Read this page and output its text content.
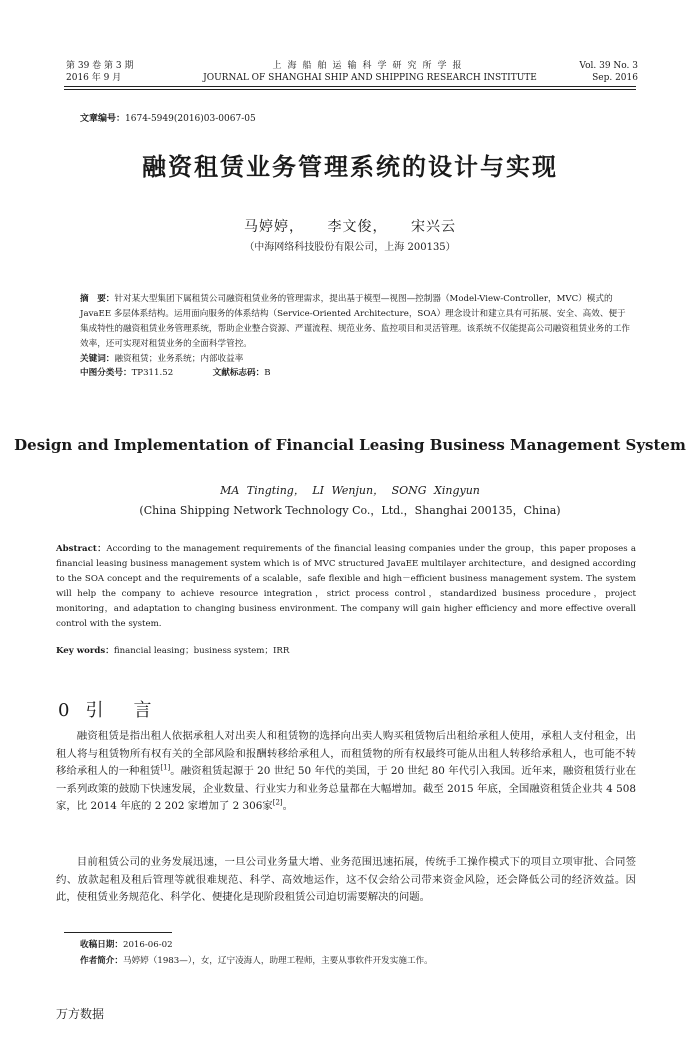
第 39 卷 第 3 期
2016 年 9 月
上海船舶运输科学研究所学报
JOURNAL OF SHANGHAI SHIP AND SHIPPING RESEARCH INSTITUTE
Vol. 39 No. 3
Sep. 2016
文章编号：1674-5949(2016)03-0067-05
融资租赁业务管理系统的设计与实现
马婷婷， 李文俊， 宋兴云
（中海网络科技股份有限公司，上海 200135）
摘　要：针对某大型集团下属租赁公司融资租赁业务的管理需求，提出基于模型—视图—控制器（Model-View-Controller，MVC）模式的 JavaEE 多层体系结构。运用面向服务的体系结构（Service-Oriented Architecture，SOA）理念设计和建立具有可拓展、安全、高效、便于集成特性的融资租赁业务管理系统，帮助企业整合资源、严谨流程、规范业务、监控项目和灵活管理。该系统不仅能提高公司融资租赁业务的工作效率，还可实现对租赁业务的全面科学管控。
关键词：融资租赁；业务系统；内部收益率
中图分类号：TP311.52	文献标志码：B
Design and Implementation of Financial Leasing Business Management System
MA Tingting， LI Wenjun， SONG Xingyun
(China Shipping Network Technology Co.，Ltd.，Shanghai 200135，China)
Abstract：According to the management requirements of the financial leasing companies under the group，this paper proposes a financial leasing business management system which is of MVC structured JavaEE multilayer architecture，and designed according to the SOA concept and the requirements of a scalable，safe flexible and high－efficient business management system. The system will help the company to achieve resource integration，strict process control，standardized business procedure，project monitoring，and adaptation to changing business environment. The company will gain higher efficiency and more effective overall control with the system.
Key words：financial leasing；business system；IRR
0 引　言
融资租赁是指出租人依据承租人对出卖人和租赁物的选择向出卖人购买租赁物后出租给承租人使用，承租人支付租金，出租人将与租赁物所有权有关的全部风险和报酬转移给承租人，而租赁物的所有权最终可能从出租人转移给承租人，也可能不转移给承租人的一种租赁[1]。融资租赁起源于 20 世纪 50 年代的美国，于 20 世纪 80 年代引入我国。近年来，融资租赁行业在一系列政策的鼓励下快速发展，企业数量、行业实力和业务总量都在大幅增加。截至 2015 年底，全国融资租赁企业共 4 508 家，比 2014 年底的 2 202 家增加了 2 306家[2]。
目前租赁公司的业务发展迅速，一旦公司业务量大增、业务范围迅速拓展，传统手工操作模式下的项目立项审批、合同签约、放款起租及租后管理等就很难规范、科学、高效地运作，这不仅会给公司带来资金风险，还会降低公司的经济效益。因此，使租赁业务规范化、科学化、便捷化是现阶段租赁公司迫切需要解决的问题。
收稿日期：2016-06-02
作者简介：马婷婷（1983—），女，辽宁凌海人，助理工程师，主要从事软件开发实施工作。
万方数据
